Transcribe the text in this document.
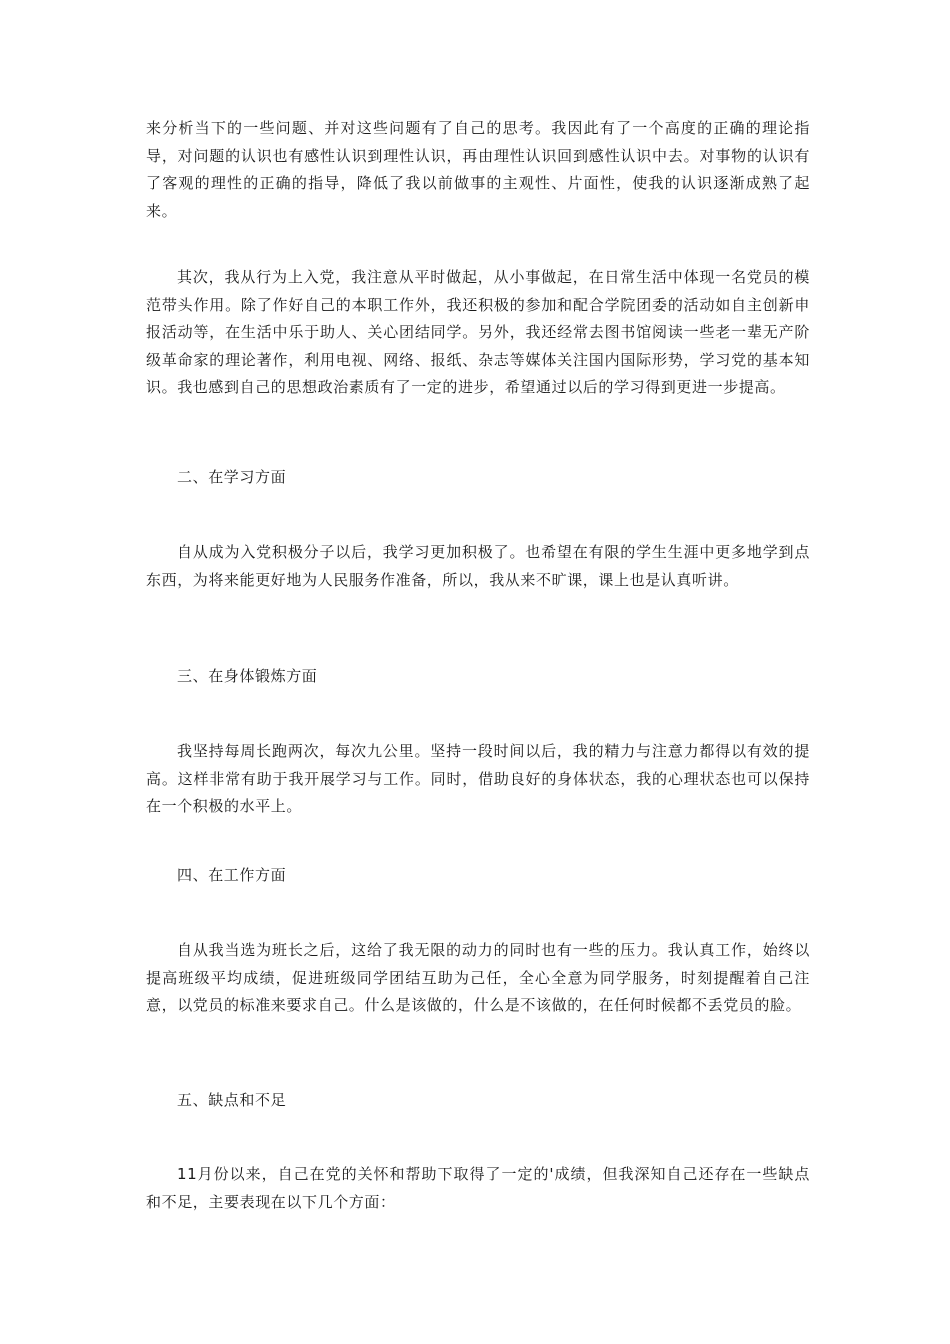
来分析当下的一些问题、并对这些问题有了自己的思考。我因此有了一个高度的正确的理论指导，对问题的认识也有感性认识到理性认识，再由理性认识回到感性认识中去。对事物的认识有了客观的理性的正确的指导，降低了我以前做事的主观性、片面性，使我的认识逐渐成熟了起来。

其次，我从行为上入党，我注意从平时做起，从小事做起，在日常生活中体现一名党员的模范带头作用。除了作好自己的本职工作外，我还积极的参加和配合学院团委的活动如自主创新申报活动等，在生活中乐于助人、关心团结同学。另外，我还经常去图书馆阅读一些老一辈无产阶级革命家的理论著作，利用电视、网络、报纸、杂志等媒体关注国内国际形势，学习党的基本知识。我也感到自己的思想政治素质有了一定的进步，希望通过以后的学习得到更进一步提高。

二、在学习方面

自从成为入党积极分子以后，我学习更加积极了。也希望在有限的学生生涯中更多地学到点东西，为将来能更好地为人民服务作准备，所以，我从来不旷课，课上也是认真听讲。

三、在身体锻炼方面

我坚持每周长跑两次，每次九公里。坚持一段时间以后，我的精力与注意力都得以有效的提高。这样非常有助于我开展学习与工作。同时，借助良好的身体状态，我的心理状态也可以保持在一个积极的水平上。

四、在工作方面

自从我当选为班长之后，这给了我无限的动力的同时也有一些的压力。我认真工作，始终以提高班级平均成绩，促进班级同学团结互助为己任，全心全意为同学服务，时刻提醒着自己注意，以党员的标准来要求自己。什么是该做的，什么是不该做的，在任何时候都不丢党员的脸。

五、缺点和不足

11月份以来，自己在党的关怀和帮助下取得了一定的'成绩，但我深知自己还存在一些缺点和不足，主要表现在以下几个方面：
